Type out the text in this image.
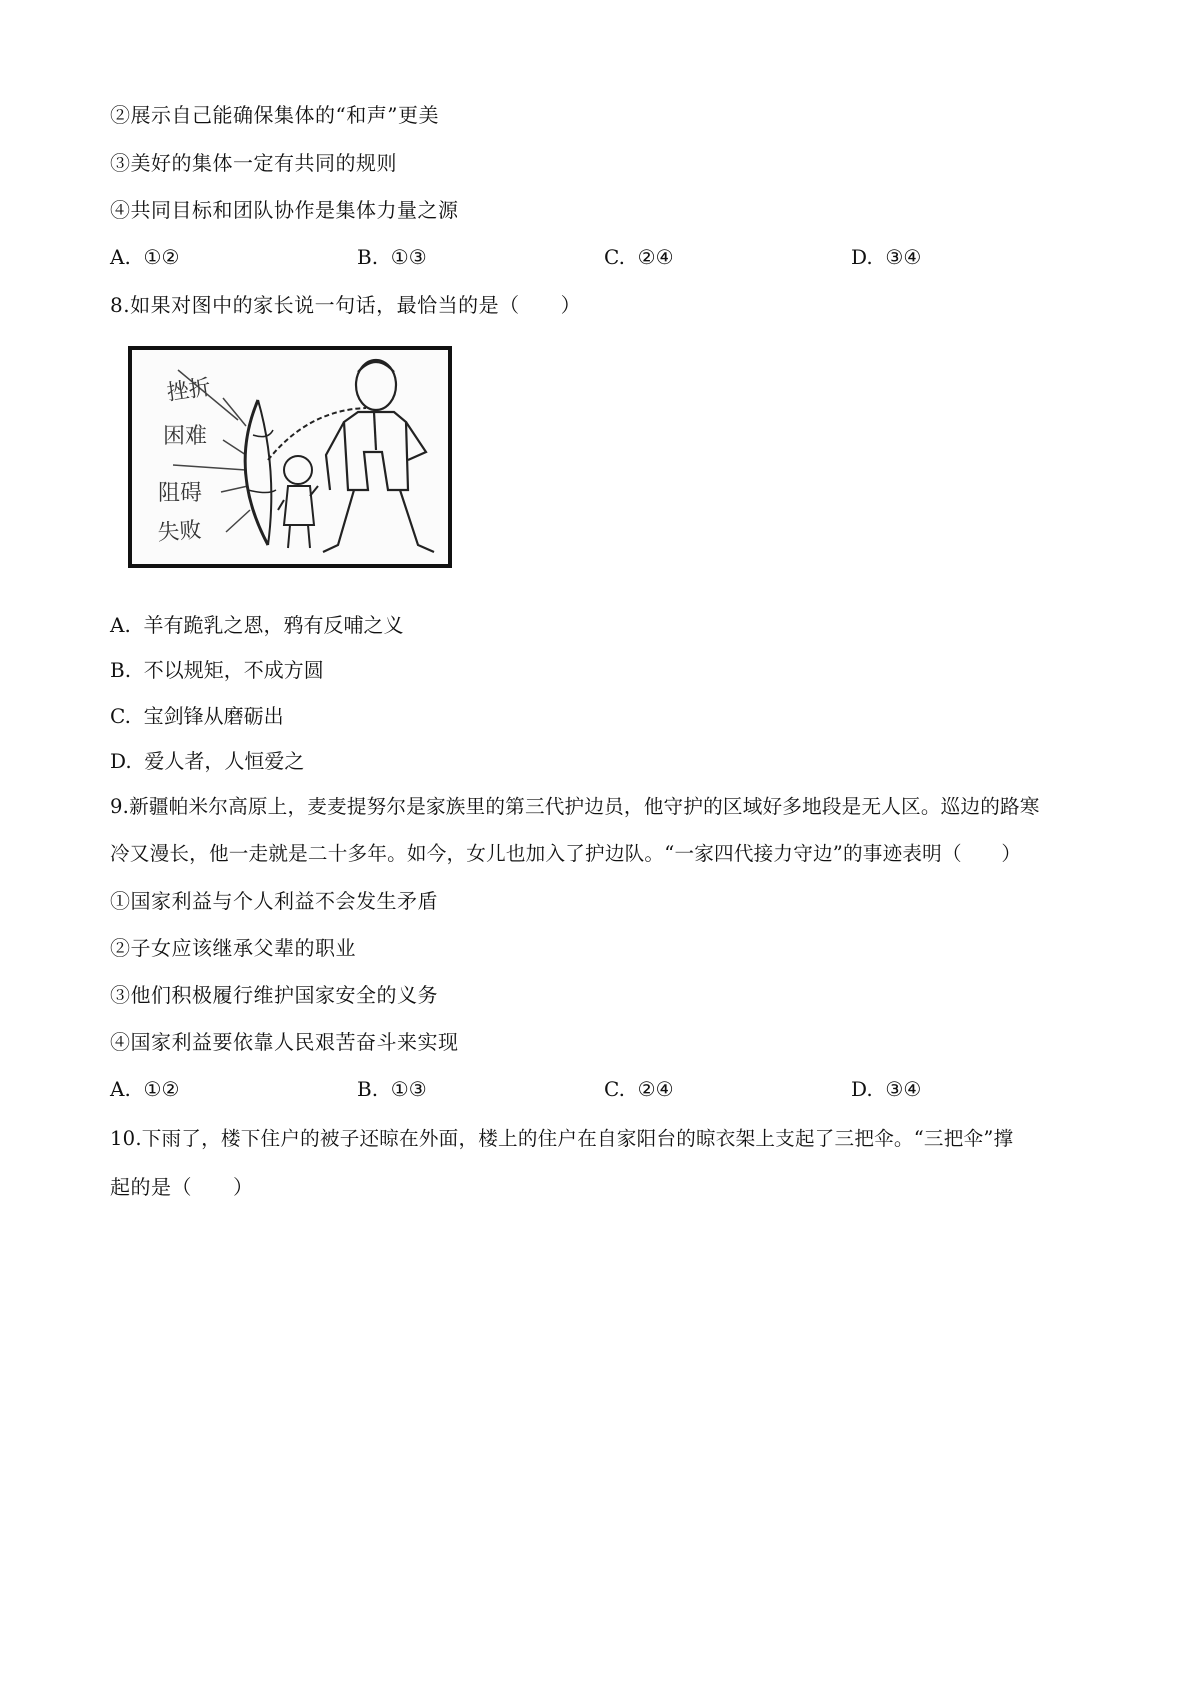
②展示自己能确保集体的“和声”更美
③美好的集体一定有共同的规则
④共同目标和团队协作是集体力量之源
A. ①②	B. ①③	C. ②④	D. ③④
8.如果对图中的家长说一句话，最恰当的是（　　）
挫折
困难
阻碍
失败
A. 羊有跪乳之恩，鸦有反哺之义
B. 不以规矩，不成方圆
C. 宝剑锋从磨砺出
D. 爱人者，人恒爱之
9.新疆帕米尔高原上，麦麦提努尔是家族里的第三代护边员，他守护的区域好多地段是无人区。巡边的路寒
冷又漫长，他一走就是二十多年。如今，女儿也加入了护边队。“一家四代接力守边”的事迹表明（　　）
①国家利益与个人利益不会发生矛盾
②子女应该继承父辈的职业
③他们积极履行维护国家安全的义务
④国家利益要依靠人民艰苦奋斗来实现
A. ①②	B. ①③	C. ②④	D. ③④
10.下雨了，楼下住户的被子还晾在外面，楼上的住户在自家阳台的晾衣架上支起了三把伞。“三把伞”撑
起的是（　　）
